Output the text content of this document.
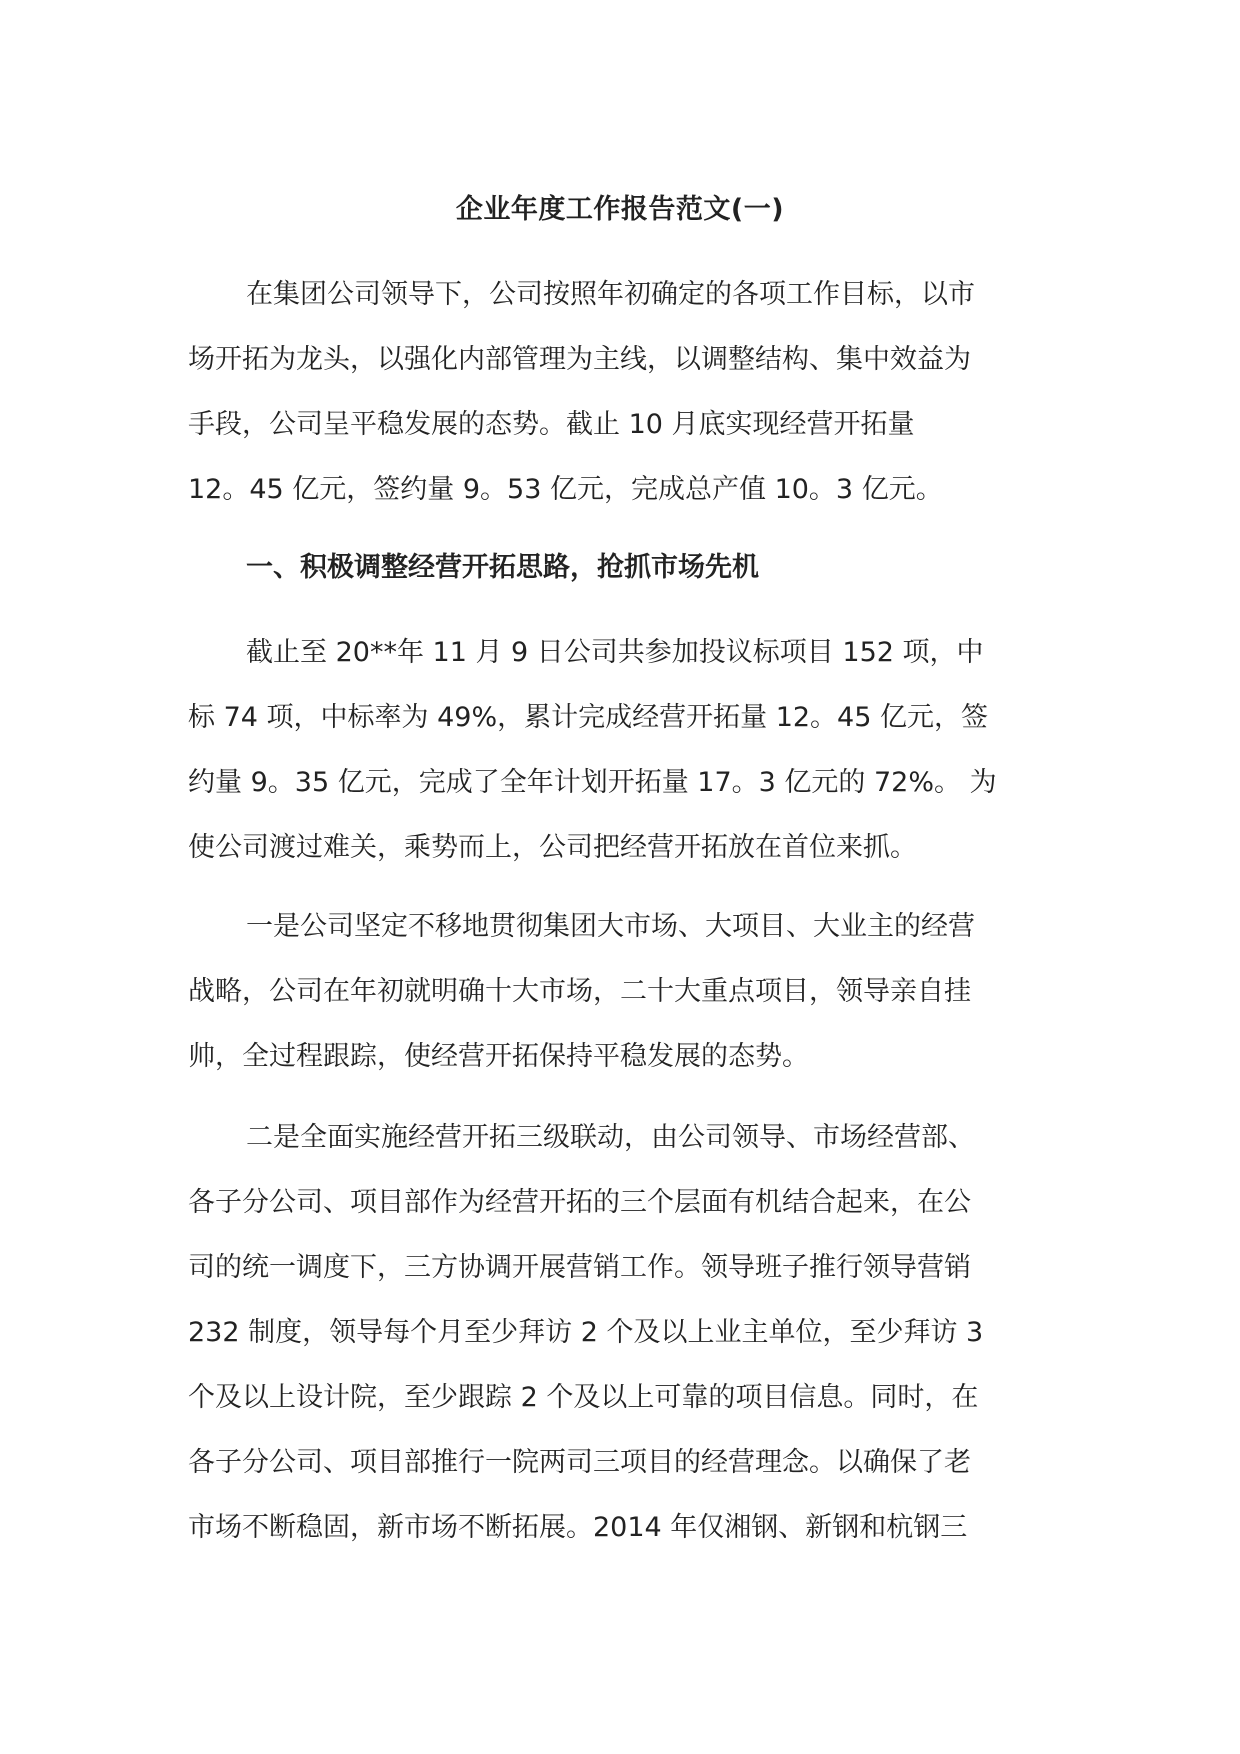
企业年度工作报告范文(一)

在集团公司领导下，公司按照年初确定的各项工作目标，以市
场开拓为龙头，以强化内部管理为主线，以调整结构、集中效益为
手段，公司呈平稳发展的态势。截止 10 月底实现经营开拓量
12。45 亿元，签约量 9。53 亿元，完成总产值 10。3 亿元。

一、积极调整经营开拓思路，抢抓市场先机

截止至 20**年 11 月 9 日公司共参加投议标项目 152 项，中
标 74 项，中标率为 49%，累计完成经营开拓量 12。45 亿元，签
约量 9。35 亿元，完成了全年计划开拓量 17。3 亿元的 72%。 为
使公司渡过难关，乘势而上，公司把经营开拓放在首位来抓。

一是公司坚定不移地贯彻集团大市场、大项目、大业主的经营
战略，公司在年初就明确十大市场，二十大重点项目，领导亲自挂
帅，全过程跟踪，使经营开拓保持平稳发展的态势。

二是全面实施经营开拓三级联动，由公司领导、市场经营部、
各子分公司、项目部作为经营开拓的三个层面有机结合起来，在公
司的统一调度下，三方协调开展营销工作。领导班子推行领导营销
232 制度，领导每个月至少拜访 2 个及以上业主单位，至少拜访 3
个及以上设计院，至少跟踪 2 个及以上可靠的项目信息。同时，在
各子分公司、项目部推行一院两司三项目的经营理念。以确保了老
市场不断稳固，新市场不断拓展。2014 年仅湘钢、新钢和杭钢三
